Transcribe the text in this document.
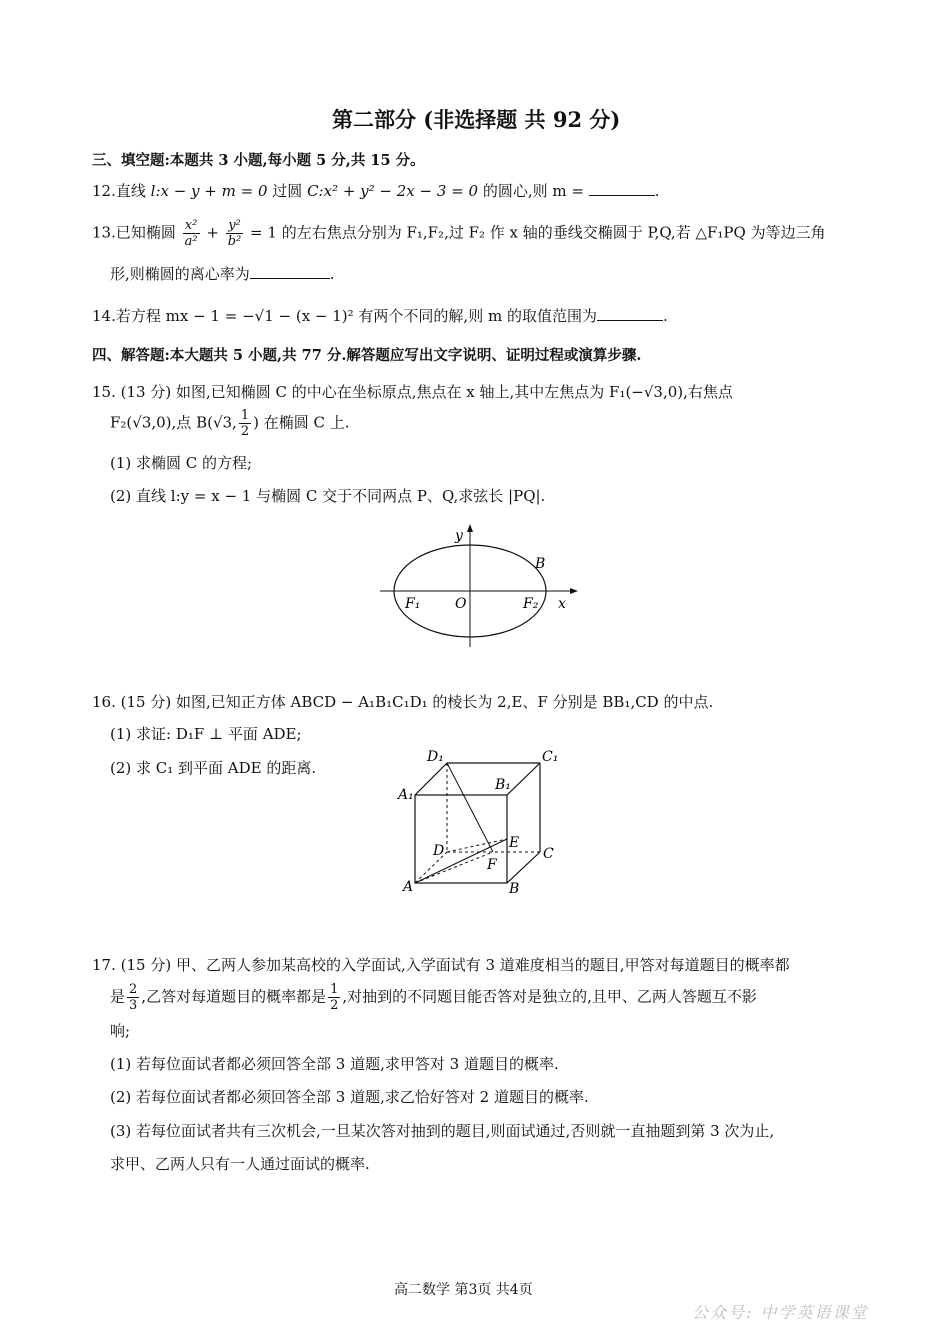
第二部分 (非选择题 共 92 分)
三、填空题:本题共 3 小题,每小题 5 分,共 15 分。
12.直线 l:x − y + m = 0 过圆 C:x² + y² − 2x − 3 = 0 的圆心,则 m =	.
13.已知椭圆 $\frac{\text{x²}}{\text{a²}} + \frac{\text{y²}}{\text{b²}} = 1$ 的左右焦点分别为 F₁,F₂,过 F₂ 作 x 轴的垂线交椭圆于 P,Q,若 △F₁PQ 为等边三角
形,则椭圆的离心率为	.
14.若方程 mx − 1 = −√1 − (x − 1)² 有两个不同的解,则 m 的取值范围为	.
四、解答题:本大题共 5 小题,共 77 分.解答题应写出文字说明、证明过程或演算步骤.
15. (13 分) 如图,已知椭圆 C 的中心在坐标原点,焦点在 x 轴上,其中左焦点为 F₁(−√3,0),右焦点
F₂(√3,0),点 B(√3, $\frac{1}{2}$ ) 在椭圆 C 上.
(1) 求椭圆 C 的方程;
(2) 直线 l:y = x − 1 与椭圆 C 交于不同两点 P、Q,求弦长 |PQ|.
y
x
B
O
F₁	F₂
16. (15 分) 如图,已知正方体 ABCD − A₁B₁C₁D₁ 的棱长为 2,E、F 分别是 BB₁,CD 的中点.
(1) 求证: D₁F ⊥ 平面 ADE;
(2) 求 C₁ 到平面 ADE 的距离.
D₁	C₁
A₁
B₁
D	E
C
F
A	B
17. (15 分) 甲、乙两人参加某高校的入学面试,入学面试有 3 道难度相当的题目,甲答对每道题目的概率都
是 $\frac{2}{3}$ ,乙答对每道题目的概率都是 $\frac{1}{2}$ ,对抽到的不同题目能否答对是独立的,且甲、乙两人答题互不影
响;
(1) 若每位面试者都必须回答全部 3 道题,求甲答对 3 道题目的概率.
(2) 若每位面试者都必须回答全部 3 道题,求乙恰好答对 2 道题目的概率.
(3) 若每位面试者共有三次机会,一旦某次答对抽到的题目,则面试通过,否则就一直抽题到第 3 次为止,
求甲、乙两人只有一人通过面试的概率.
高二数学 第3页 共4页
公众号: 中学英语课堂
